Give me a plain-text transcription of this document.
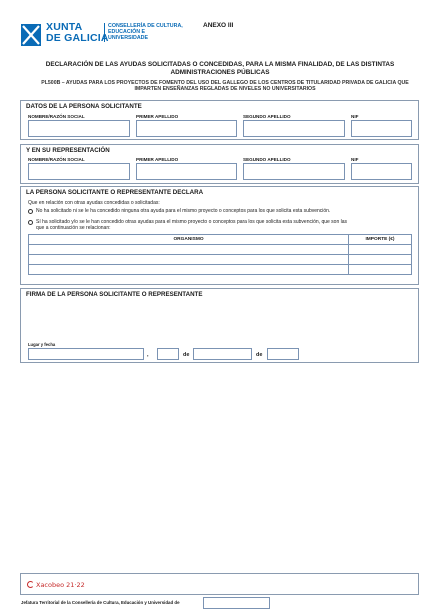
XUNTA
DE GALICIA
CONSELLERÍA DE CULTURA, EDUCACIÓN E UNIVERSIDADE
ANEXO III
DECLARACIÓN DE LAS AYUDAS SOLICITADAS O CONCEDIDAS, PARA LA MISMA FINALIDAD, DE LAS DISTINTAS ADMINISTRACIONES PÚBLICAS
PL500B – AYUDAS PARA LOS PROYECTOS DE FOMENTO DEL USO DEL GALLEGO DE LOS CENTROS DE TITULARIDAD PRIVADA DE GALICIA QUE IMPARTEN ENSEÑANZAS REGLADAS DE NIVELES NO UNIVERSITARIOS
DATOS DE LA PERSONA SOLICITANTE
NOMBRE/RAZÓN SOCIAL	PRIMER APELLIDO	SEGUNDO APELLIDO	NIF
Y EN SU REPRESENTACIÓN
NOMBRE/RAZÓN SOCIAL	PRIMER APELLIDO	SEGUNDO APELLIDO	NIF
LA PERSONA SOLICITANTE O REPRESENTANTE DECLARA
Que en relación con otras ayudas concedidas o solicitadas:
No ha solicitado ni se le ha concedido ninguna otra ayuda para el mismo proyecto o conceptos para los que solicita esta subvención.
Sí ha solicitado y/o se le han concedido otras ayudas para el mismo proyecto o conceptos para los que solicita esta subvención, que son las
que a continuación se relacionan:
ORGANISMO	IMPORTE (€)

FIRMA DE LA PERSONA SOLICITANTE O REPRESENTANTE
Lugar y fecha
,	de	de
Xacobeo 21·22
Jefatura Territorial de la Consellería de Cultura, Educación y Universidad de
